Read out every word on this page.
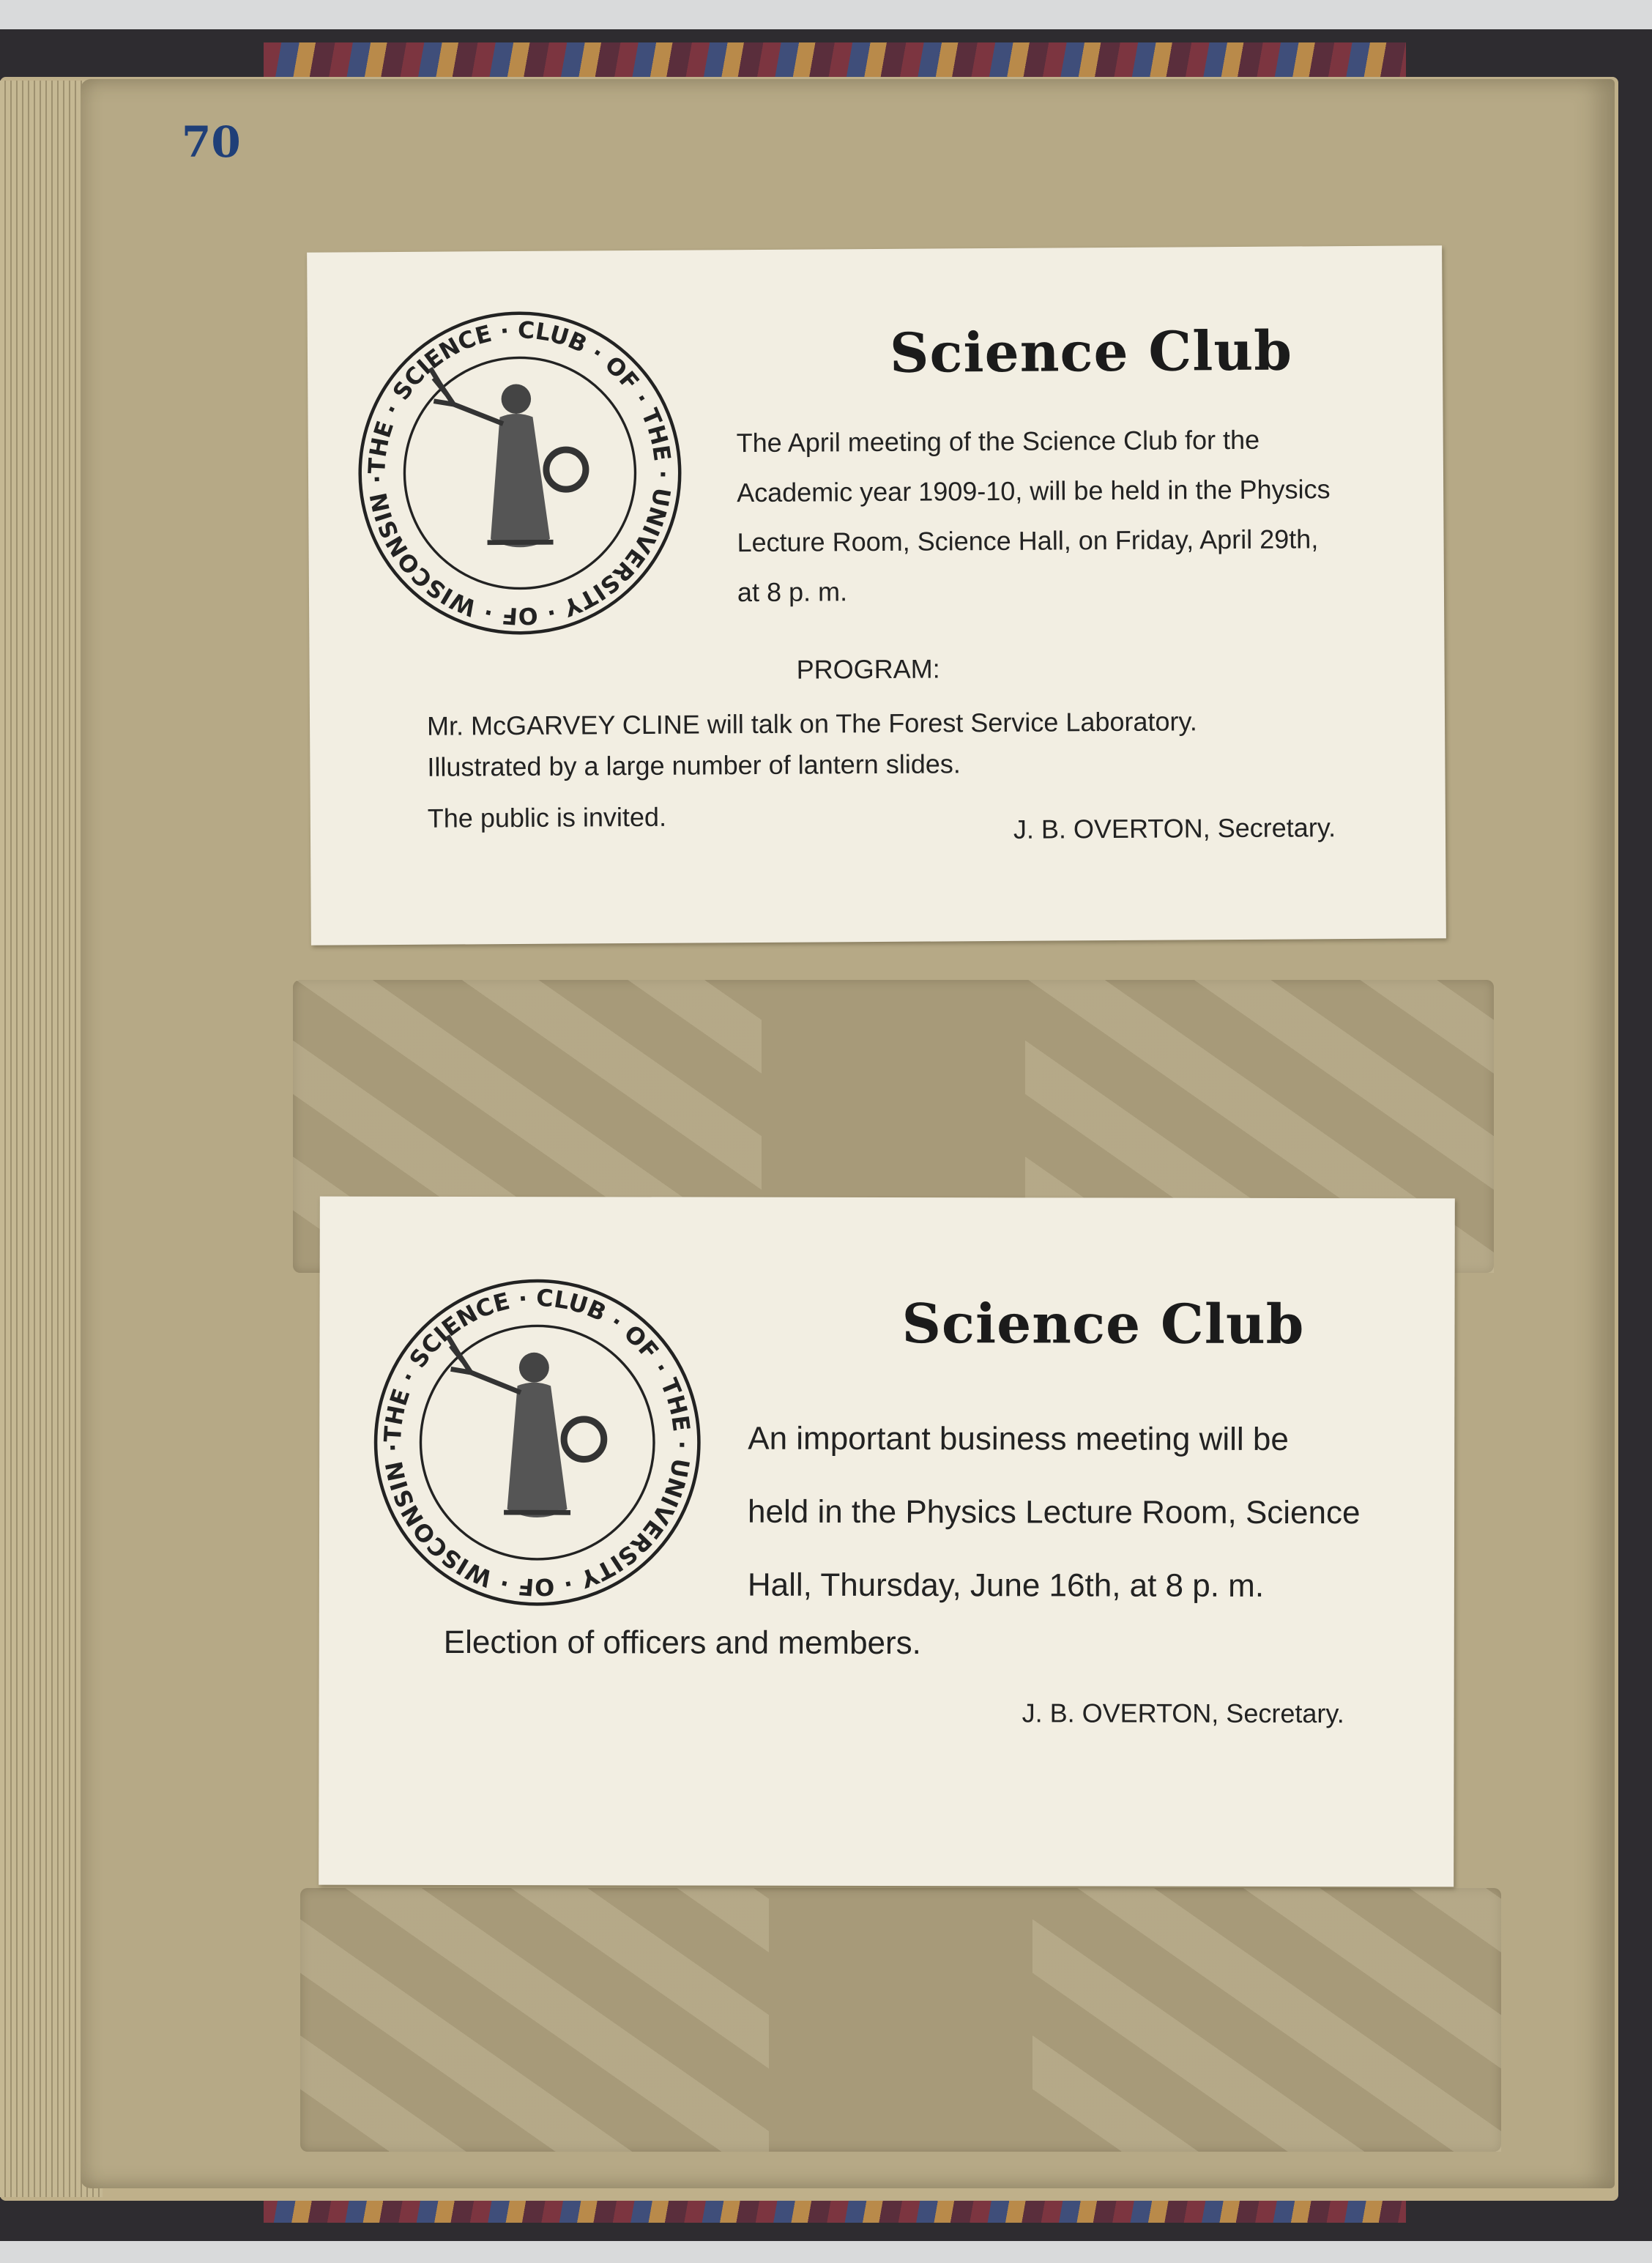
70
THE · SCIENCE · CLUB · OF · THE · UNIVERSITY · OF · WISCONSIN ·
Science Club
The April meeting of the Science Club for the
Academic year 1909-10, will be held in the Physics
Lecture Room, Science Hall, on Friday, April 29th,
at 8 p. m.
PROGRAM:
Mr. McGARVEY CLINE will talk on The Forest Service Laboratory.
Illustrated by a large number of lantern slides.
The public is invited.	J. B. OVERTON, Secretary.
THE · SCIENCE · CLUB · OF · THE · UNIVERSITY · OF · WISCONSIN ·
Science Club
An important business meeting will be
held in the Physics Lecture Room, Science
Hall, Thursday, June 16th, at 8 p. m.
Election of officers and members.
J. B. OVERTON, Secretary.
